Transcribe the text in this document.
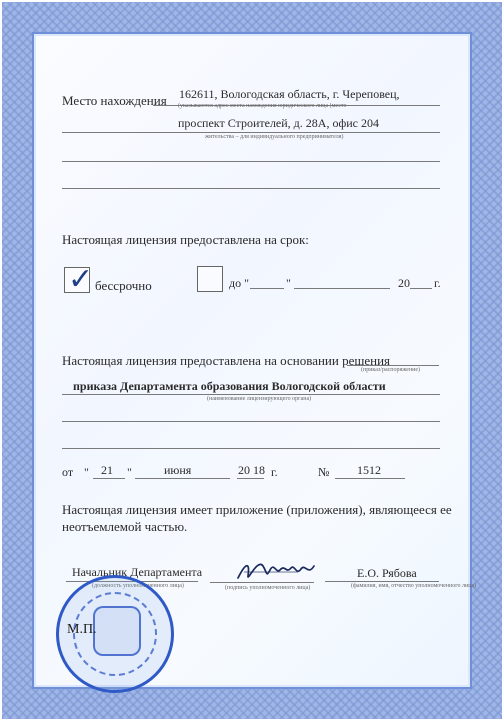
Место нахождения 162611, Вологодская область, г. Череповец,
(указываются адрес места нахождения юридического лица (место
проспект Строителей, д. 28А, офис 204
жительства – для индивидуального предпринимателя)
Настоящая лицензия предоставлена на срок:
✓ бессрочно	до "	"	20 г.
Настоящая лицензия предоставлена на основании решения
(приказ/распоряжение)
приказа Департамента образования Вологодской области
(наименование лицензирующего органа)
от " 21 "	июня	20 18 г.	№ 1512
Настоящая лицензия имеет приложение (приложения), являющееся ее
неотъемлемой частью.
Начальник Департамента
(должность уполномоченного лица)	(подпись уполномоченного лица)
Е.О. Рябова
(фамилия, имя, отчество уполномоченного лица)
М.П.
